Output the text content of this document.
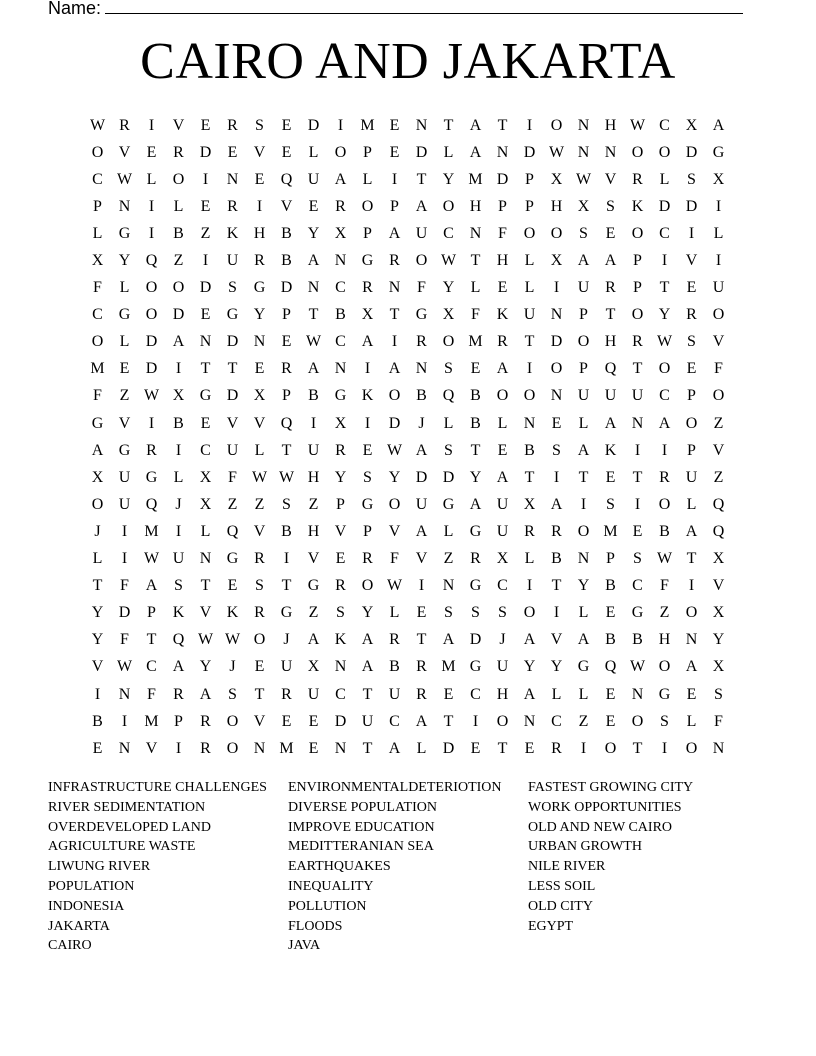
Name:
CAIRO AND JAKARTA
W R	I	V	E	R	S	E	D	I	M E	N	T	A	T	I	O N H W C X A
O V	E	R D	E	V	E	L	O	P	E	D	L	A N D W N N O O D G
C W L	O	I	N	E	Q U A	L	I	T	Y M D	P	X W V R	L	S	X
P	N	I	L	E	R	I	V	E	R O	P	A O H	P	P	H X	S	K D D	I
L	G	I	B	Z	K H B Y X	P	A U C N	F	O O	S	E	O C	I	L
X Y Q	Z	I	U R	B A N G R O W T	H	L	X A A	P	I	V	I
F	L	O O D	S	G D N C	R N	F	Y	L	E	L	I	U R	P	T	E	U
C G O D	E	G Y	P	T	B X	T	G X	F	K U N	P	T	O Y R O
O	L	D A N D N	E W C A	I	R O M R	T	D O H R W S	V
M E	D	I	T	T	E	R A N	I	A N	S	E	A	I	O	P	Q	T	O	E	F
F	Z W X G D X	P	B G K O B Q B O O N U U U C	P	O
G V	I	B	E	V V Q	I	X	I	D	J	L	B	L	N	E	L	A N A O	Z
A G R	I	C U	L	T	U R	E W A	S	T	E	B	S	A K	I	I	P	V
X U G	L	X	F W W H Y	S	Y D D Y A	T	I	T	E	T	R U	Z
O U Q	J	X	Z	Z	S	Z	P	G O U G A U X A	I	S	I	O	L	Q
J	I	M	I	L	Q V B H V	P	V A	L	G U R	R O M E	B A Q
L	I	W U N G R	I	V	E	R	F	V	Z	R X	L	B N	P	S W T	X
T	F	A	S	T	E	S	T	G R O W	I	N G C	I	T	Y B	C	F	I	V
Y D	P	K V K R G	Z	S	Y	L	E	S	S	S	O	I	L	E	G	Z	O X
Y	F	T	Q W W O	J	A K A R	T	A D	J	A V A B	B H N Y
V W C A Y	J	E	U X N A B	R M G U Y Y G Q W O A X
I	N	F	R A	S	T	R U C	T	U R	E	C H A	L	L	E	N G	E	S
B	I	M P	R O V	E	E	D U C A	T	I	O N C	Z	E	O	S	L	F
E	N V	I	R O N M E	N	T	A	L	D	E	T	E	R	I	O	T	I	O N
INFRASTRUCTURE CHALLENGES	ENVIRONMENTALDETERIOTION	FASTEST GROWING CITY
RIVER SEDIMENTATION	DIVERSE POPULATION	WORK OPPORTUNITIES
OVERDEVELOPED LAND	IMPROVE EDUCATION	OLD AND NEW CAIRO
AGRICULTURE WASTE	MEDITTERANIAN SEA	URBAN GROWTH
LIWUNG RIVER	EARTHQUAKES	NILE RIVER
POPULATION	INEQUALITY	LESS SOIL
INDONESIA	POLLUTION	OLD CITY
JAKARTA	FLOODS	EGYPT
CAIRO	JAVA
